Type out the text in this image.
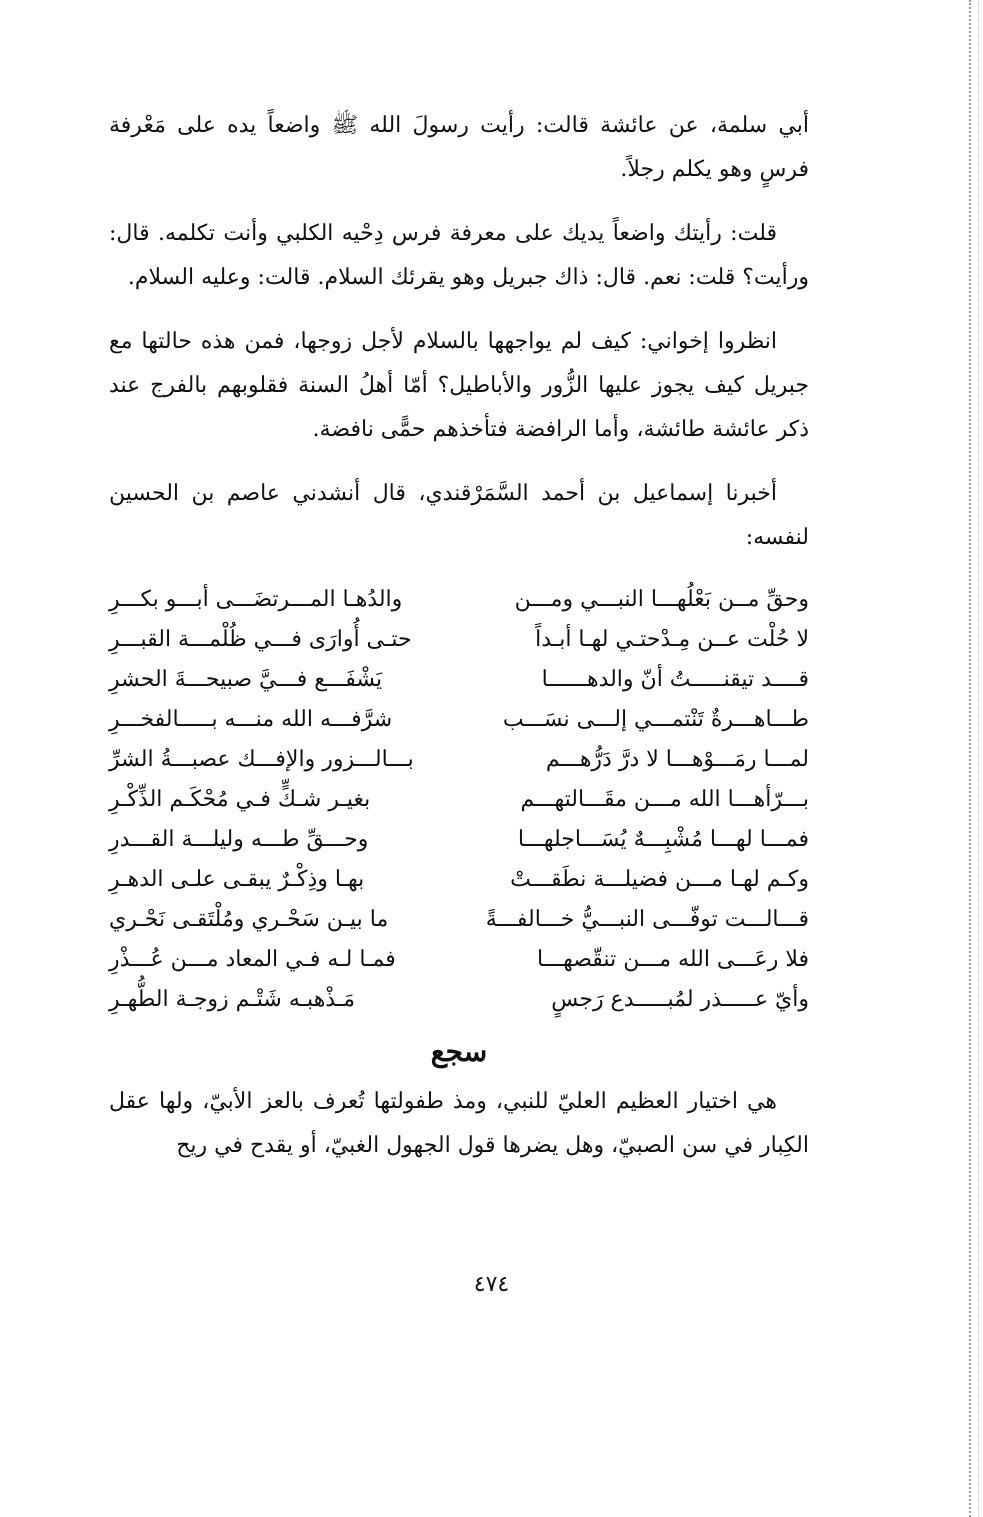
أبي سلمة، عن عائشة قالت: رأيت رسولَ الله ﷺ واضعاً يده على مَعْرفة فرسٍ وهو يكلم رجلاً.

قلت: رأيتك واضعاً يديك على معرفة فرس دِحْيه الكلبي وأنت تكلمه. قال: ورأيت؟ قلت: نعم. قال: ذاك جبريل وهو يقرئك السلام. قالت: وعليه السلام.

انظروا إخواني: كيف لم يواجهها بالسلام لأجل زوجها، فمن هذه حالتها مع جبريل كيف يجوز عليها الزُّور والأباطيل؟ أمّا أهلُ السنة فقلوبهم بالفرج عند ذكر عائشة طائشة، وأما الرافضة فتأخذهم حمًّى نافضة.

أخبرنا إسماعيل بن أحمد السَّمَرْقندي، قال أنشدني عاصم بن الحسين لنفسه:

وحقِّ مــن بَعْلُهـــا النبـــي ومـــن		والدُهـا المـــرتضَـــى أبـــو بكـــرِ
لا حُلْت عــن مِـدْحتـي لهـا أبـداً		حتـى أُوارَى فـــي ظُلْمـــة القبـــرِ
قــــد تيقنـــــتُ أنّ والدهــــــا		يَشْفَـــع فـــيَّ صبيحـــةَ الحشرِ
طـــاهـــرةٌ تَنْتمـــي إلـــى نسَـــب		شرَّفـــه الله منـــه بـــــالفخـــرِ
لمـــا رمَـــوْهـــا لا درَّ دَرُّهـــم		بـــالـــزور والإفـــك عصبـــةُ الشرِّ
بـــرّأهـــا الله مـــن مقَـــالتهـــم		بغيـر شـكٍّ فـي مُحْكَـم الذِّكْـرِ
فمـــا لهـــا مُشْبِـــهٌ يُسَـــاجلهـــا		وحـــقِّ طـــه وليلـــة القـــدرِ
وكـم لهـا مـــن فضيلـــة نطَقـــتْ		بهـا وذِكْـرٌ يبقـى علـى الدهـرِ
قـــالـــت توفّـــى النبـــيُّ خـــالفـــةً		ما بيـن سَحْـري ومُلْتَقـى نَحْـري
فلا رعَـــى الله مـــن تنقّصهـــا		فمـا لـه فـي المعاد مـــن عُـــذْرِ
وأيّ عـــــذر لمُبـــــدع رَجسٍ		مَـذْهبـه شَتْـم زوجـة الطُّهـرِ
سجع

هي اختيار العظيم العليّ للنبي، ومذ طفولتها تُعرف بالعز الأبيّ، ولها عقل الكِبار في سن الصبيّ، وهل يضرها قول الجهول الغبيّ، أو يقدح في ريح

٤٧٤
